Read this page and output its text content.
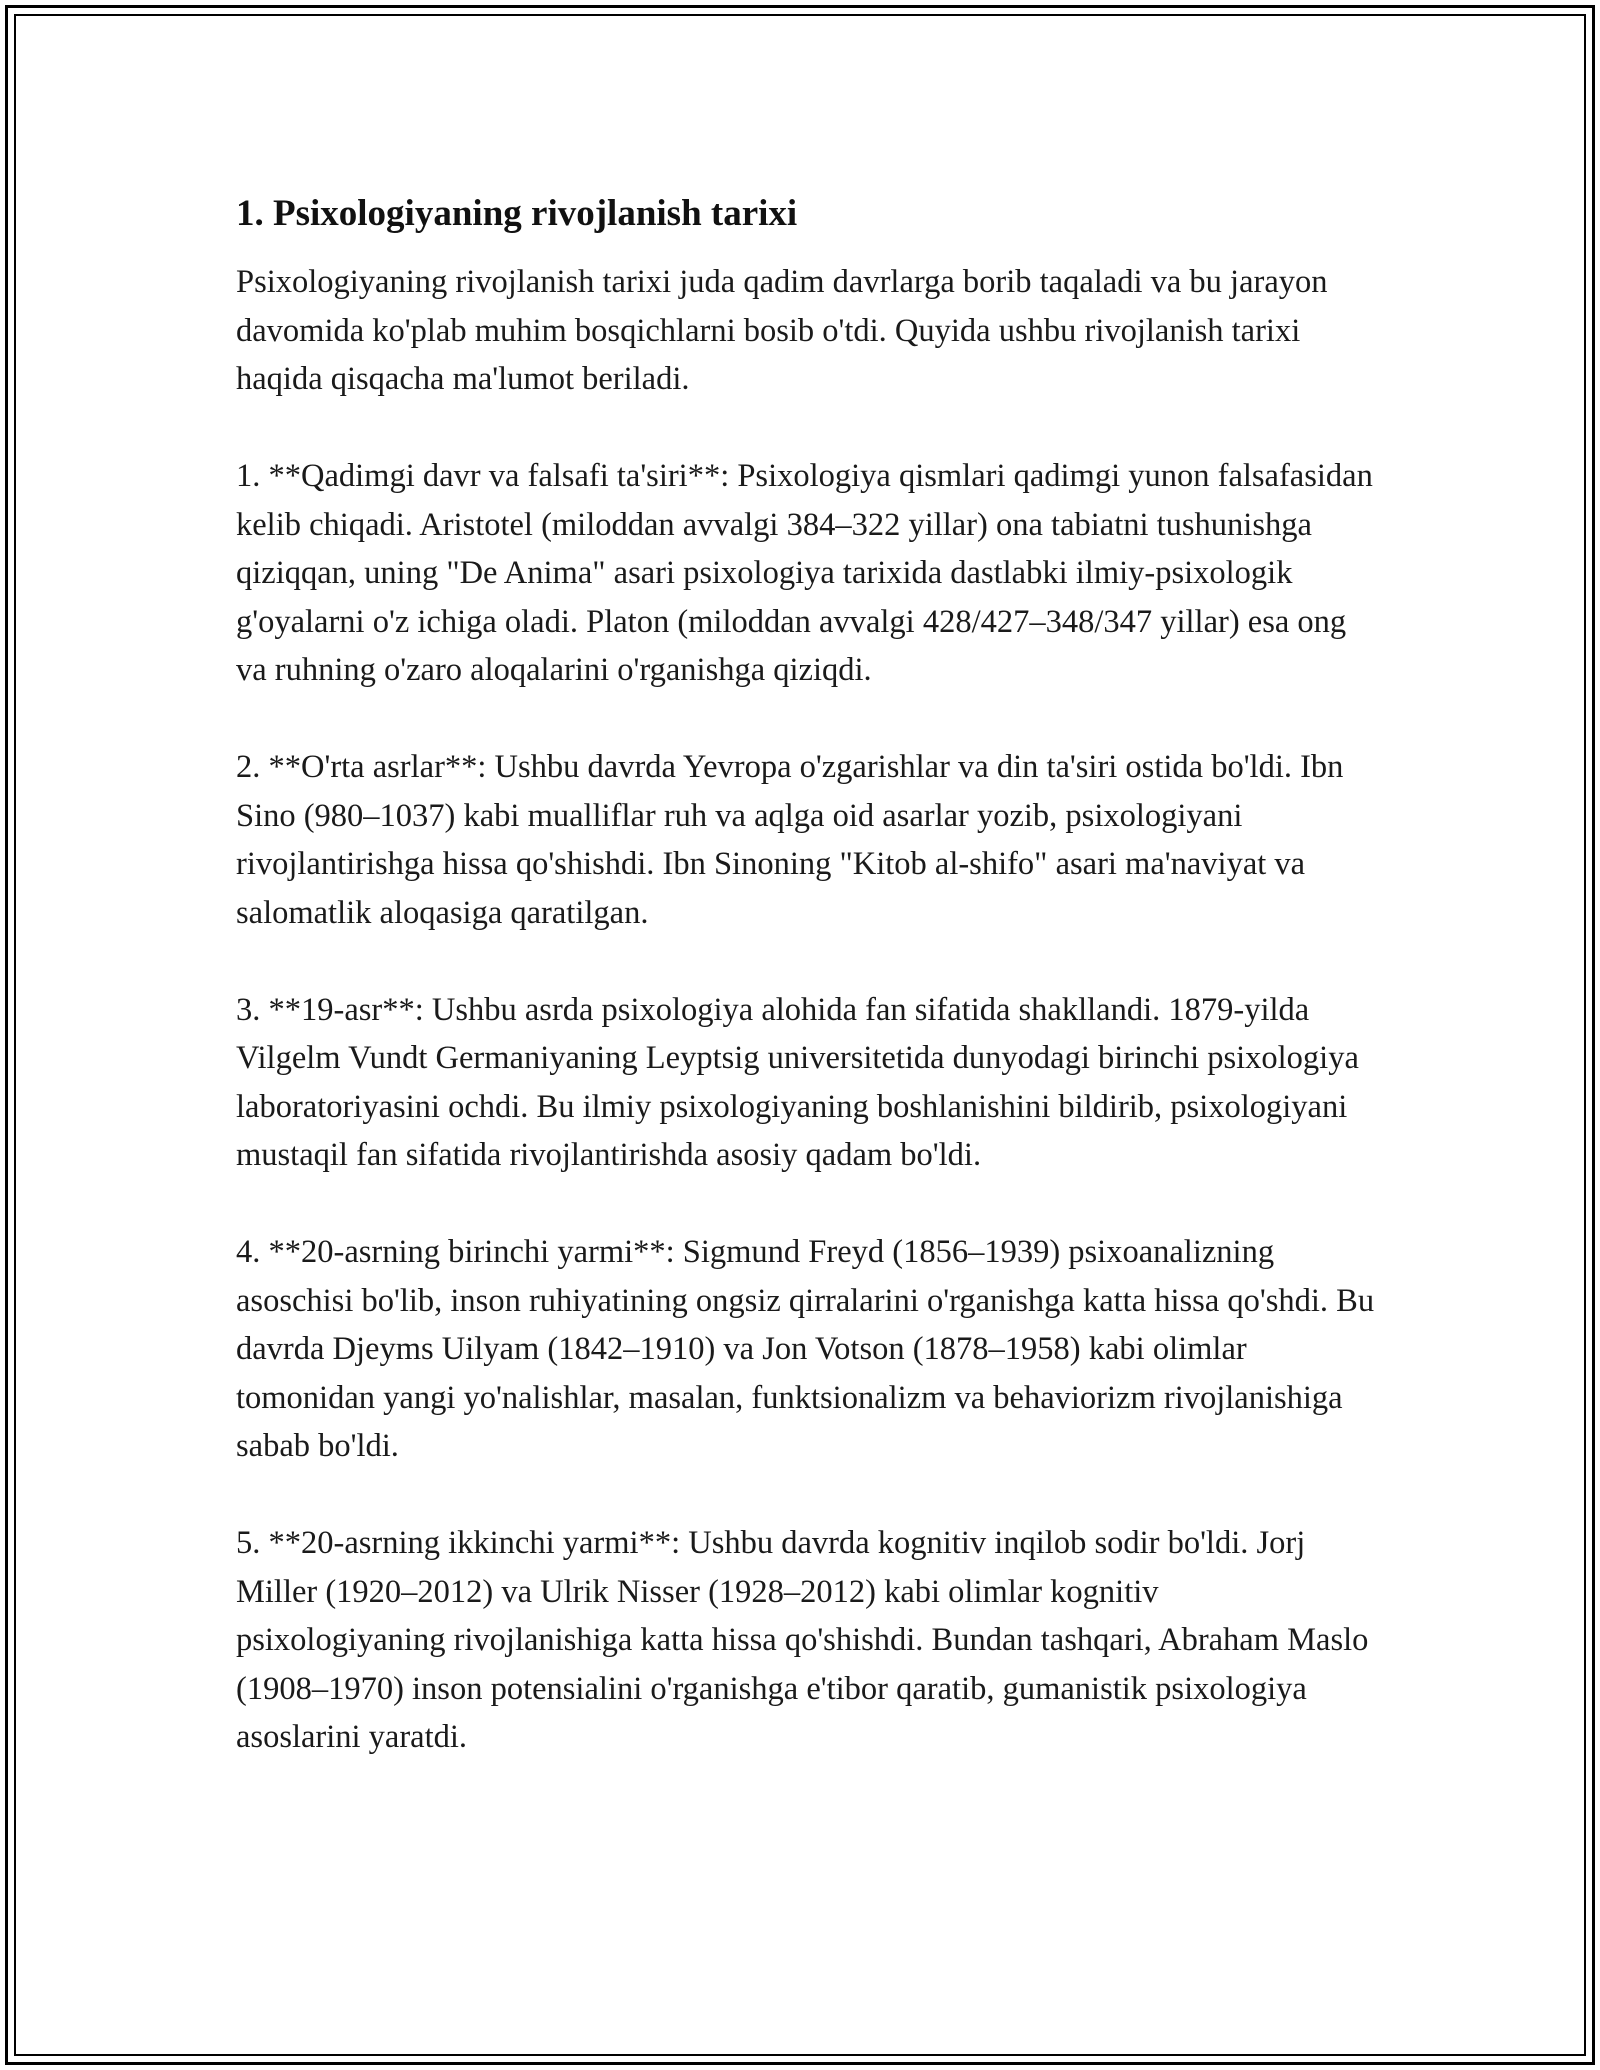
1. Psixologiyaning rivojlanish tarixi

Psixologiyaning rivojlanish tarixi juda qadim davrlarga borib taqaladi va bu jarayon davomida ko'plab muhim bosqichlarni bosib o'tdi. Quyida ushbu rivojlanish tarixi haqida qisqacha ma'lumot beriladi.

1. **Qadimgi davr va falsafi ta'siri**: Psixologiya qismlari qadimgi yunon falsafasidan kelib chiqadi. Aristotel (miloddan avvalgi 384–322 yillar) ona tabiatni tushunishga qiziqqan, uning "De Anima" asari psixologiya tarixida dastlabki ilmiy-psixologik g'oyalarni o'z ichiga oladi. Platon (miloddan avvalgi 428/427–348/347 yillar) esa ong va ruhning o'zaro aloqalarini o'rganishga qiziqdi.

2. **O'rta asrlar**: Ushbu davrda Yevropa o'zgarishlar va din ta'siri ostida bo'ldi. Ibn Sino (980–1037) kabi mualliflar ruh va aqlga oid asarlar yozib, psixologiyani rivojlantirishga hissa qo'shishdi. Ibn Sinoning "Kitob al-shifo" asari ma'naviyat va salomatlik aloqasiga qaratilgan.

3. **19-asr**: Ushbu asrda psixologiya alohida fan sifatida shakllandi. 1879-yilda Vilgelm Vundt Germaniyaning Leyptsig universitetida dunyodagi birinchi psixologiya laboratoriyasini ochdi. Bu ilmiy psixologiyaning boshlanishini bildirib, psixologiyani mustaqil fan sifatida rivojlantirishda asosiy qadam bo'ldi.

4. **20-asrning birinchi yarmi**: Sigmund Freyd (1856–1939) psixoanalizning asoschisi bo'lib, inson ruhiyatining ongsiz qirralarini o'rganishga katta hissa qo'shdi. Bu davrda Djeyms Uilyam (1842–1910) va Jon Votson (1878–1958) kabi olimlar tomonidan yangi yo'nalishlar, masalan, funktsionalizm va behaviorizm rivojlanishiga sabab bo'ldi.

5. **20-asrning ikkinchi yarmi**: Ushbu davrda kognitiv inqilob sodir bo'ldi. Jorj Miller (1920–2012) va Ulrik Nisser (1928–2012) kabi olimlar kognitiv psixologiyaning rivojlanishiga katta hissa qo'shishdi. Bundan tashqari, Abraham Maslo (1908–1970) inson potensialini o'rganishga e'tibor qaratib, gumanistik psixologiya asoslarini yaratdi.
